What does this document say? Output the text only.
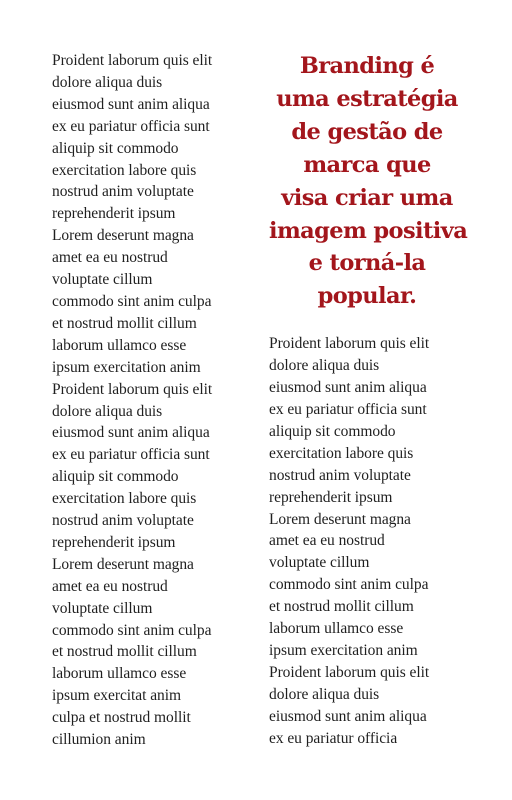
Proident laborum quis elit
dolore aliqua duis
eiusmod sunt anim aliqua
ex eu pariatur officia sunt
aliquip sit commodo
exercitation labore quis
nostrud anim voluptate
reprehenderit ipsum
Lorem deserunt magna
amet ea eu nostrud
voluptate cillum
commodo sint anim culpa
et nostrud mollit cillum
laborum ullamco esse
ipsum exercitation anim
Proident laborum quis elit
dolore aliqua duis
eiusmod sunt anim aliqua
ex eu pariatur officia sunt
aliquip sit commodo
exercitation labore quis
nostrud anim voluptate
reprehenderit ipsum
Lorem deserunt magna
amet ea eu nostrud
voluptate cillum
commodo sint anim culpa
et nostrud mollit cillum
laborum ullamco esse
ipsum exercitat anim
culpa et nostrud mollit
cillumion anim
Branding é
uma estratégia
de gestão de
marca que
visa criar uma
imagem positiva
e torná-la
popular.
Proident laborum quis elit
dolore aliqua duis
eiusmod sunt anim aliqua
ex eu pariatur officia sunt
aliquip sit commodo
exercitation labore quis
nostrud anim voluptate
reprehenderit ipsum
Lorem deserunt magna
amet ea eu nostrud
voluptate cillum
commodo sint anim culpa
et nostrud mollit cillum
laborum ullamco esse
ipsum exercitation anim
Proident laborum quis elit
dolore aliqua duis
eiusmod sunt anim aliqua
ex eu pariatur officia
